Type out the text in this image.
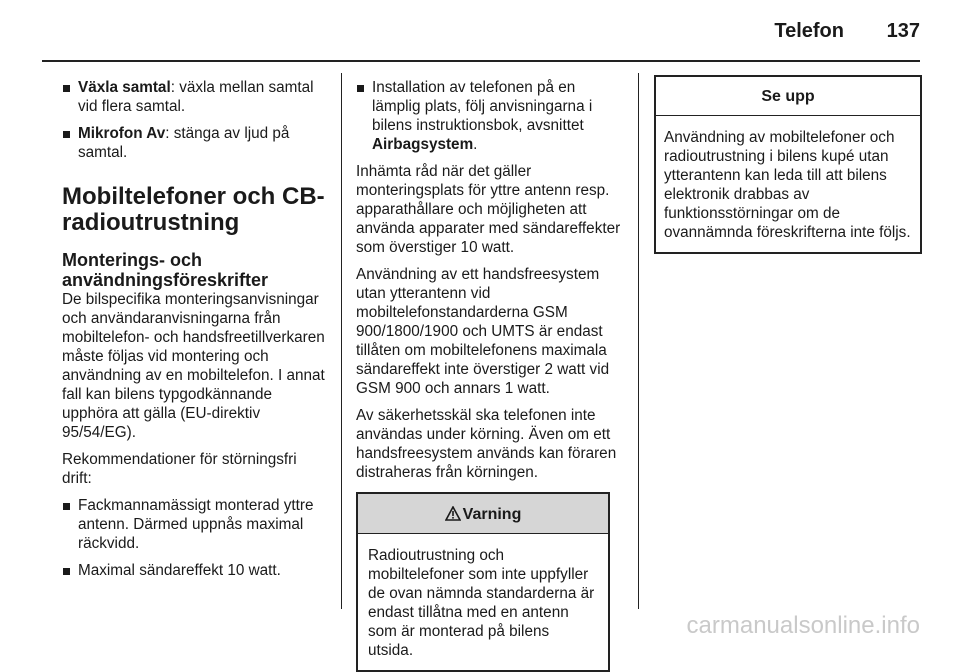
Telefon 137
Växla samtal: växla mellan samtal vid flera samtal.
Mikrofon Av: stänga av ljud på samtal.
Mobiltelefoner och CB-radioutrustning
Monterings- och användningsföreskrifter

De bilspecifika monteringsanvisningar och användaranvisningarna från mobiltelefon- och handsfreetillverkaren måste följas vid montering och användning av en mobiltelefon. I annat fall kan bilens typgodkännande upphöra att gälla (EU-direktiv 95/54/EG).

Rekommendationer för störningsfri drift:

Fackmannamässigt monterad yttre antenn. Därmed uppnås maximal räckvidd.
Maximal sändareffekt 10 watt.
Installation av telefonen på en lämplig plats, följ anvisningarna i bilens instruktionsbok, avsnittet Airbagsystem.

Inhämta råd när det gäller monteringsplats för yttre antenn resp. apparathållare och möjligheten att använda apparater med sändareffekter som överstiger 10 watt.

Användning av ett handsfreesystem utan ytterantenn vid mobiltelefonstandarderna GSM 900/1800/1900 och UMTS är endast tillåten om mobiltelefonens maximala sändareffekt inte överstiger 2 watt vid GSM 900 och annars 1 watt.

Av säkerhetsskäl ska telefonen inte användas under körning. Även om ett handsfreesystem används kan föraren distraheras från körningen.

Varning
Radioutrustning och mobiltelefoner som inte uppfyller de ovan nämnda standarderna är endast tillåtna med en antenn som är monterad på bilens utsida.
Se upp
Användning av mobiltelefoner och radioutrustning i bilens kupé utan ytterantenn kan leda till att bilens elektronik drabbas av funktionsstörningar om de ovannämnda föreskrifterna inte följs.
carmanualsonline.info
